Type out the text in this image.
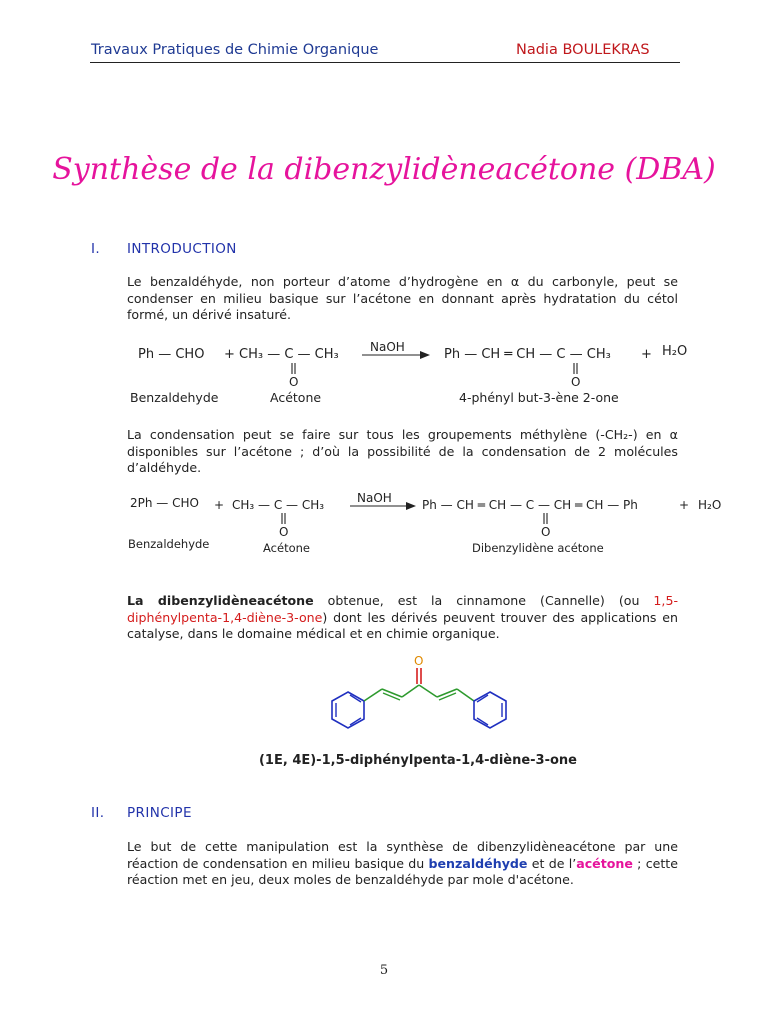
Travaux Pratiques de Chimie Organique	Nadia BOULEKRAS
Synthèse de la dibenzylidèneacétone (DBA)
I. INTRODUCTION
Le benzaldéhyde, non porteur d’atome d’hydrogène en α du carbonyle, peut se condenser en milieu basique sur l’acétone en donnant après hydratation du cétol formé, un dérivé insaturé.
Ph — CHO + CH₃ — C — CH₃
O
NaOH	Ph — CH ═ CH — C — CH₃
O
+ H₂O
Benzaldehyde	Acétone	4-phényl but-3-ène 2-one
La condensation peut se faire sur tous les groupements méthylène (-CH₂-) en α disponibles sur l’acétone ; d’où la possibilité de la condensation de 2 molécules d’aldéhyde.
2Ph — CHO + CH₃ — C — CH₃
O
NaOH	Ph — CH ═ CH — C — CH ═ CH — Ph
O
+ H₂O
Benzaldehyde	Acétone	Dibenzylidène acétone
La dibenzylidèneacétone obtenue, est la cinnamone (Cannelle) (ou 1,5-diphénylpenta-1,4-diène-3-one) dont les dérivés peuvent trouver des applications en catalyse, dans le domaine médical et en chimie organique.
O
(1E, 4E)-1,5-diphénylpenta-1,4-diène-3-one
II. PRINCIPE
Le but de cette manipulation est la synthèse de dibenzylidèneacétone par une réaction de condensation en milieu basique du benzaldéhyde et de l’acétone ; cette réaction met en jeu, deux moles de benzaldéhyde par mole d'acétone.
5
